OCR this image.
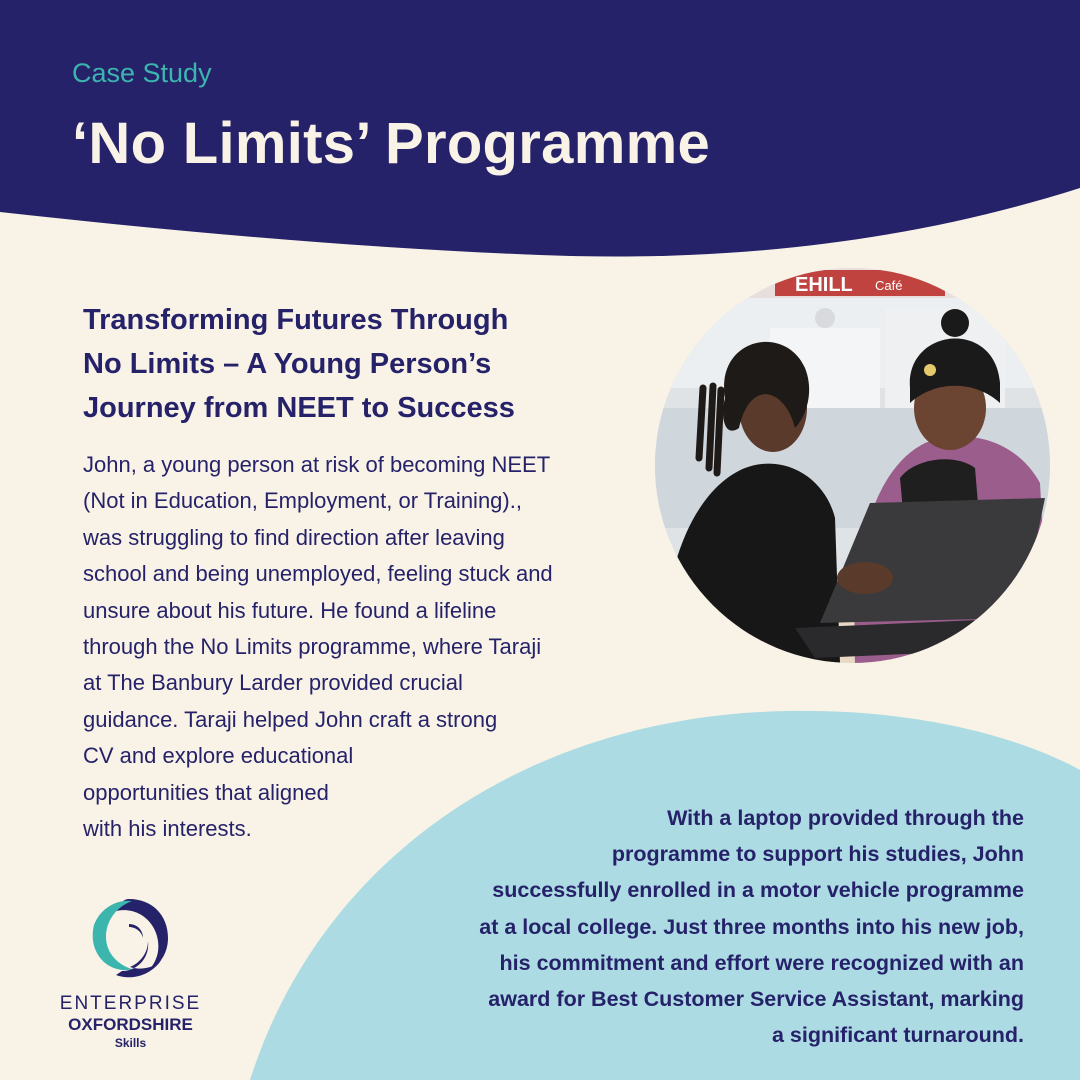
Case Study
‘No Limits’ Programme
Transforming Futures Through
No Limits – A Young Person’s
Journey from NEET to Success

John, a young person at risk of becoming NEET
(Not in Education, Employment, or Training).,
was struggling to find direction after leaving
school and being unemployed, feeling stuck and
unsure about his future. He found a lifeline
through the No Limits programme, where Taraji
at The Banbury Larder provided crucial
guidance. Taraji helped John craft a strong
CV and explore educational
opportunities that aligned
with his interests.

EHILL Café

With a laptop provided through the
programme to support his studies, John
successfully enrolled in a motor vehicle programme
at a local college. Just three months into his new job,
his commitment and effort were recognized with an
award for Best Customer Service Assistant, marking
a significant turnaround.

ENTERPRISE

OXFORDSHIRE

Skills
